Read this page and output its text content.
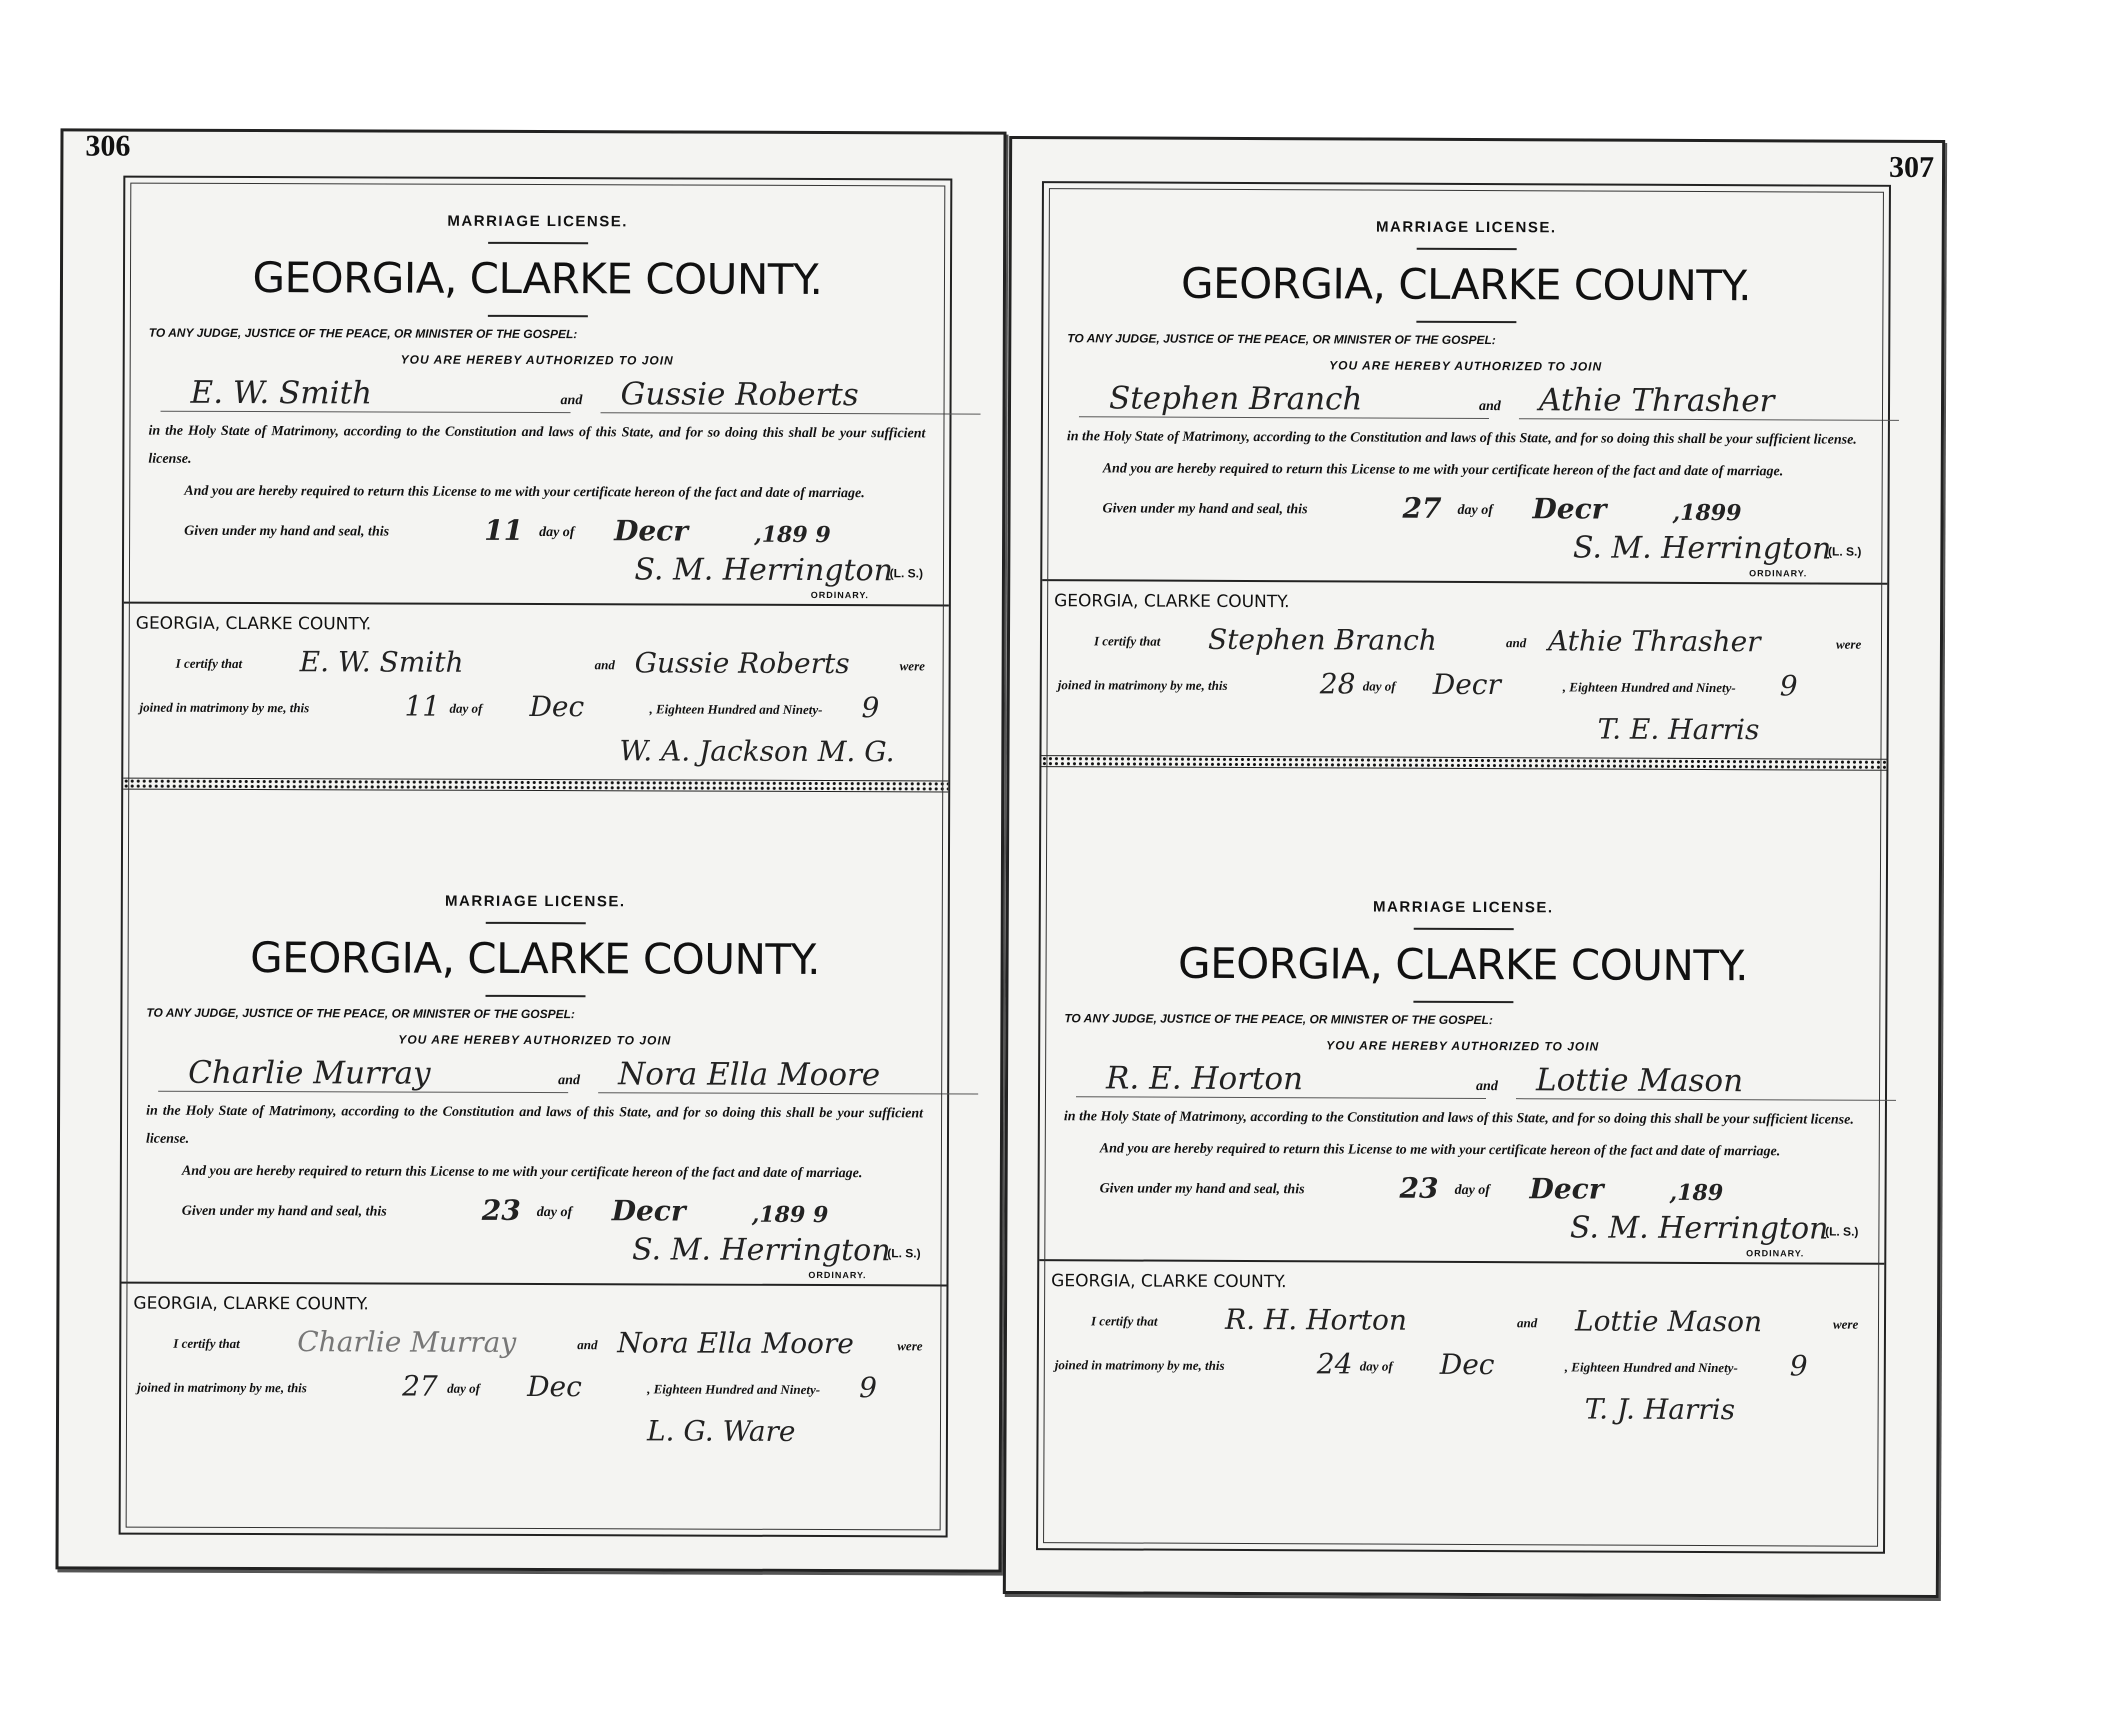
306
MARRIAGE LICENSE.
GEORGIA, CLARKE COUNTY.
TO ANY JUDGE, JUSTICE OF THE PEACE, OR MINISTER OF THE GOSPEL:
YOU ARE HEREBY AUTHORIZED TO JOIN
E. W. Smith	and	Gussie Roberts
in the Holy State of Matrimony, according to the Constitution and laws of this State, and for so doing this shall be your sufficient license.
And you are hereby required to return this License to me with your certificate hereon of the fact and date of marriage.
Given under my hand and seal, this	11 day of Decr	,189 9
S. M. Herrington
(L. S.)
ORDINARY.
GEORGIA, CLARKE COUNTY.
I certify that E. W. Smith	and Gussie Roberts	were
joined in matrimony by me, this	11 day of Dec	, Eighteen Hundred and Ninety- 9
W. A. Jackson M. G.
MARRIAGE LICENSE.
GEORGIA, CLARKE COUNTY.
TO ANY JUDGE, JUSTICE OF THE PEACE, OR MINISTER OF THE GOSPEL:
YOU ARE HEREBY AUTHORIZED TO JOIN
Charlie Murray	and	Nora Ella Moore
in the Holy State of Matrimony, according to the Constitution and laws of this State, and for so doing this shall be your sufficient license.
And you are hereby required to return this License to me with your certificate hereon of the fact and date of marriage.
Given under my hand and seal, this	23 day of Decr	,189 9
S. M. Herrington
(L. S.)
ORDINARY.
GEORGIA, CLARKE COUNTY.
I certify that Charlie Murray	and Nora Ella Moore	were
joined in matrimony by me, this	27 day of Dec	, Eighteen Hundred and Ninety- 9
L. G. Ware
307
MARRIAGE LICENSE.
GEORGIA, CLARKE COUNTY.
TO ANY JUDGE, JUSTICE OF THE PEACE, OR MINISTER OF THE GOSPEL:
YOU ARE HEREBY AUTHORIZED TO JOIN
Stephen Branch	and	Athie Thrasher
in the Holy State of Matrimony, according to the Constitution and laws of this State, and for so doing this shall be your sufficient license.
And you are hereby required to return this License to me with your certificate hereon of the fact and date of marriage.
Given under my hand and seal, this	27 day of Decr	,1899
S. M. Herrington
(L. S.)
ORDINARY.
GEORGIA, CLARKE COUNTY.
I certify that Stephen Branch	and Athie Thrasher	were
joined in matrimony by me, this	28 day of Decr	, Eighteen Hundred and Ninety- 9
T. E. Harris
MARRIAGE LICENSE.
GEORGIA, CLARKE COUNTY.
TO ANY JUDGE, JUSTICE OF THE PEACE, OR MINISTER OF THE GOSPEL:
YOU ARE HEREBY AUTHORIZED TO JOIN
R. E. Horton	and	Lottie Mason
in the Holy State of Matrimony, according to the Constitution and laws of this State, and for so doing this shall be your sufficient license.
And you are hereby required to return this License to me with your certificate hereon of the fact and date of marriage.
Given under my hand and seal, this	23 day of Decr	,189
S. M. Herrington
(L. S.)
ORDINARY.
GEORGIA, CLARKE COUNTY.
I certify that R. H. Horton	and Lottie Mason	were
joined in matrimony by me, this	24 day of Dec	, Eighteen Hundred and Ninety- 9
T. J. Harris
